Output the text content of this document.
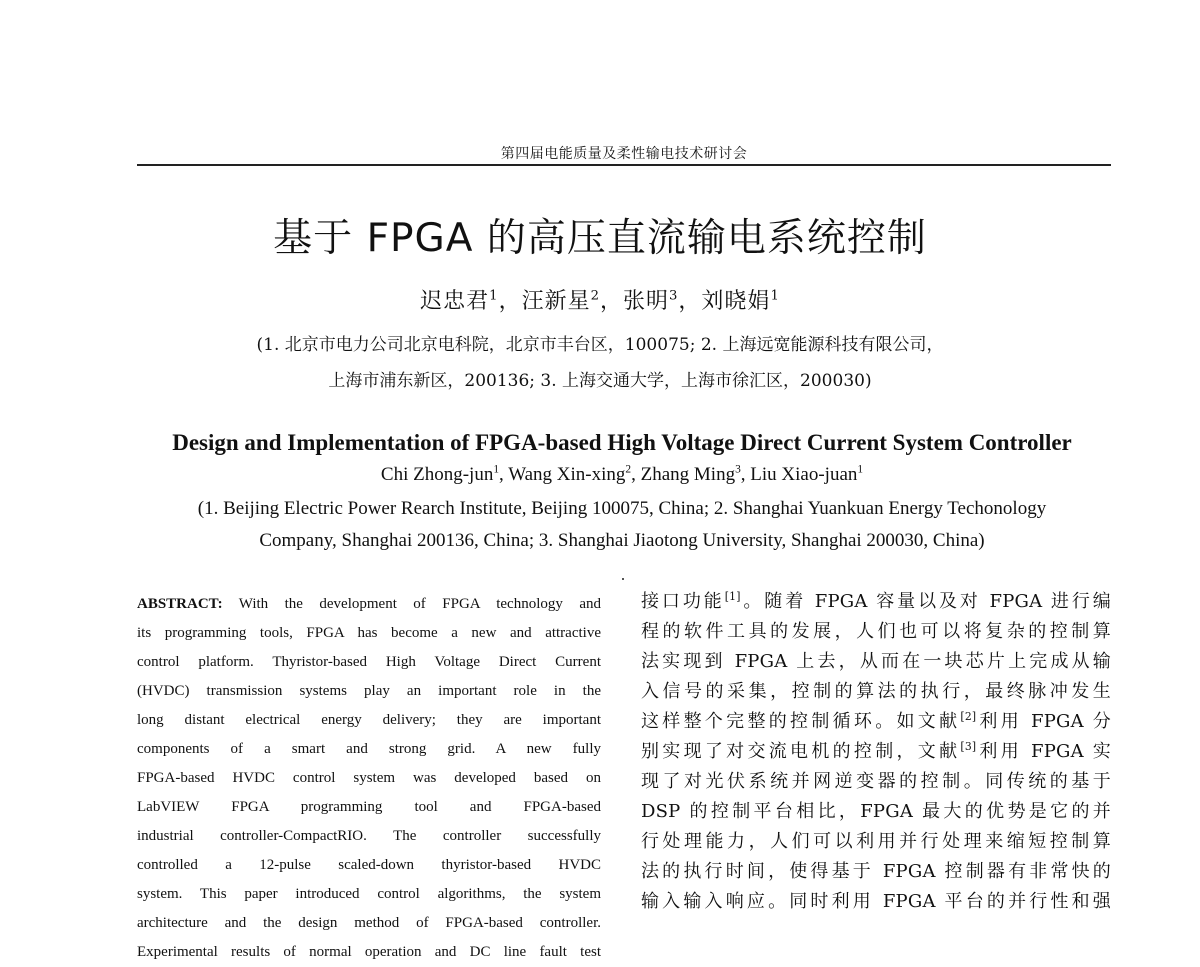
第四届电能质量及柔性输电技术研讨会
基于 FPGA 的高压直流输电系统控制
迟忠君$^1$，汪新星$^2$，张明$^3$，刘晓娟$^1$
(1. 北京市电力公司北京电科院，北京市丰台区，100075; 2. 上海远宽能源科技有限公司，
上海市浦东新区，200136; 3. 上海交通大学，上海市徐汇区，200030)
Design and Implementation of FPGA-based High Voltage Direct Current System Controller
Chi Zhong-jun$^1$, Wang Xin-xing$^2$, Zhang Ming$^3$, Liu Xiao-juan$^1$
(1. Beijing Electric Power Rearch Institute, Beijing 100075, China; 2. Shanghai Yuankuan Energy Techonology
Company, Shanghai 200136, China; 3. Shanghai Jiaotong University, Shanghai 200030, China)
ABSTRACT: With the development of FPGA technology and
its programming tools, FPGA has become a new and attractive
control platform. Thyristor-based High Voltage Direct Current
(HVDC) transmission systems play an important role in the
long distant electrical energy delivery; they are important
components of a smart and strong grid. A new fully
FPGA-based HVDC control system was developed based on
LabVIEW FPGA programming tool and FPGA-based
industrial controller-CompactRIO. The controller successfully
controlled a 12-pulse scaled-down thyristor-based HVDC
system. This paper introduced control algorithms, the system
architecture and the design method of FPGA-based controller.
Experimental results of normal operation and DC line fault test
接口功能[1]。随着 FPGA 容量以及对 FPGA 进行编
程的软件工具的发展，人们也可以将复杂的控制算
法实现到 FPGA 上去，从而在一块芯片上完成从输
入信号的采集，控制的算法的执行，最终脉冲发生
这样整个完整的控制循环。如文献[2]利用 FPGA 分
别实现了对交流电机的控制，文献[3]利用 FPGA 实
现了对光伏系统并网逆变器的控制。同传统的基于
DSP 的控制平台相比，FPGA 最大的优势是它的并
行处理能力，人们可以利用并行处理来缩短控制算
法的执行时间，使得基于 FPGA 控制器有非常快的
输入输入响应。同时利用 FPGA 平台的并行性和强
